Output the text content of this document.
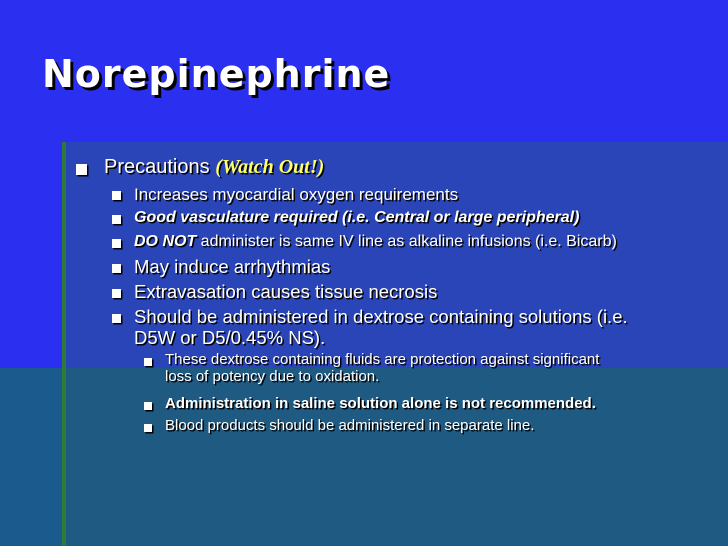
Norepinephrine
Precautions (Watch Out!)
Increases myocardial oxygen requirements
Good vasculature required (i.e. Central or large peripheral)
DO NOT administer is same IV line as alkaline infusions (i.e. Bicarb)
May induce arrhythmias
Extravasation causes tissue necrosis
Should be administered in dextrose containing solutions (i.e.
D5W or D5/0.45% NS).
These dextrose containing fluids are protection against significant
loss of potency due to oxidation.
Administration in saline solution alone is not recommended.
Blood products should be administered in separate line.
